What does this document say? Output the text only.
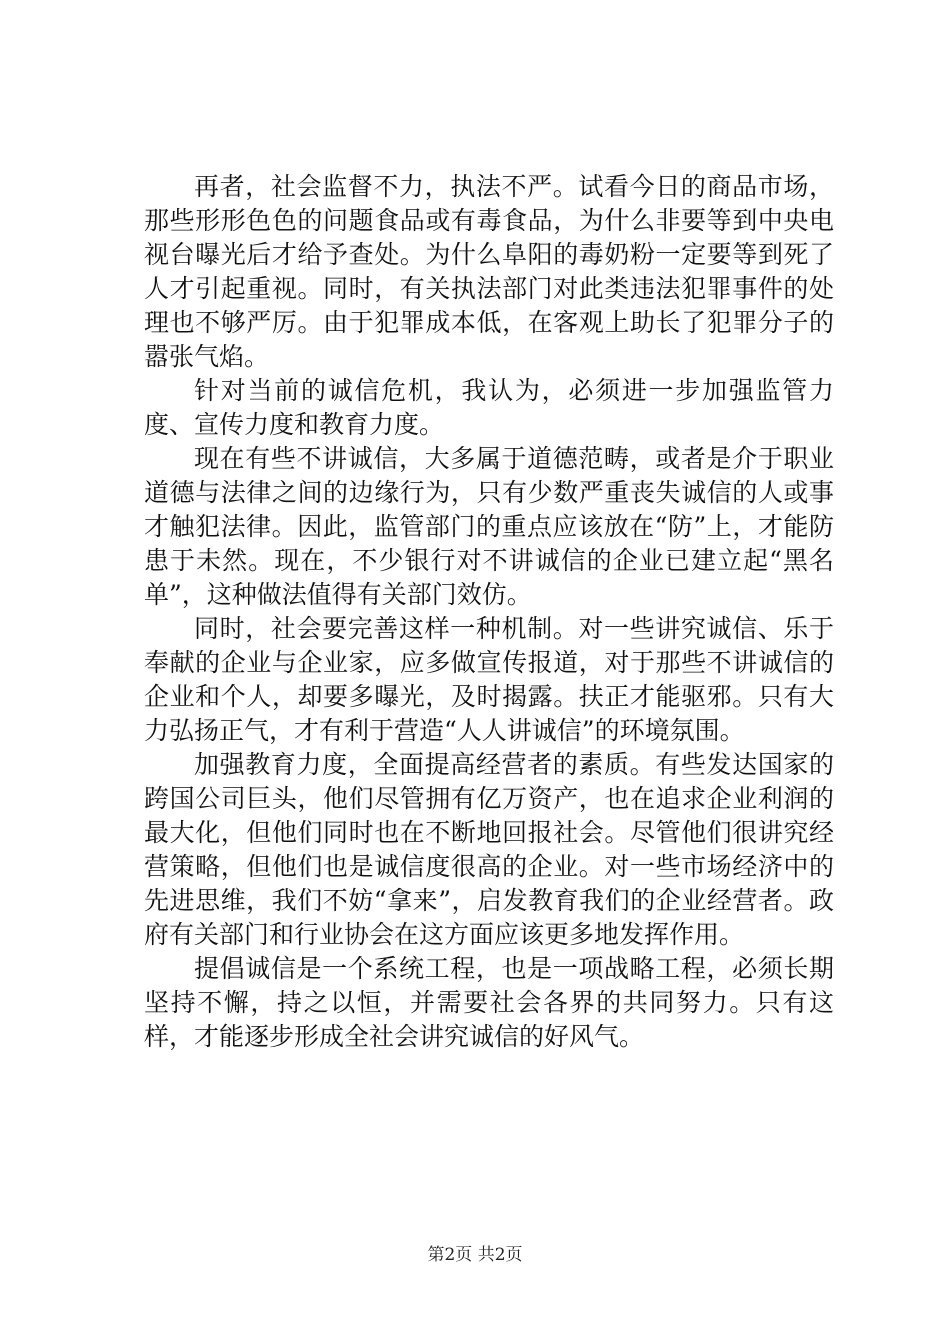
再者，社会监督不力，执法不严。试看今日的商品市场，那些形形色色的问题食品或有毒食品，为什么非要等到中央电视台曝光后才给予查处。为什么阜阳的毒奶粉一定要等到死了人才引起重视。同时，有关执法部门对此类违法犯罪事件的处理也不够严厉。由于犯罪成本低，在客观上助长了犯罪分子的嚣张气焰。

针对当前的诚信危机，我认为，必须进一步加强监管力度、宣传力度和教育力度。

现在有些不讲诚信，大多属于道德范畴，或者是介于职业道德与法律之间的边缘行为，只有少数严重丧失诚信的人或事才触犯法律。因此，监管部门的重点应该放在“防”上，才能防患于未然。现在，不少银行对不讲诚信的企业已建立起“黑名单”，这种做法值得有关部门效仿。

同时，社会要完善这样一种机制。对一些讲究诚信、乐于奉献的企业与企业家，应多做宣传报道，对于那些不讲诚信的企业和个人，却要多曝光，及时揭露。扶正才能驱邪。只有大力弘扬正气，才有利于营造“人人讲诚信”的环境氛围。

加强教育力度，全面提高经营者的素质。有些发达国家的跨国公司巨头，他们尽管拥有亿万资产，也在追求企业利润的最大化，但他们同时也在不断地回报社会。尽管他们很讲究经营策略，但他们也是诚信度很高的企业。对一些市场经济中的先进思维，我们不妨“拿来”，启发教育我们的企业经营者。政府有关部门和行业协会在这方面应该更多地发挥作用。

提倡诚信是一个系统工程，也是一项战略工程，必须长期坚持不懈，持之以恒，并需要社会各界的共同努力。只有这样，才能逐步形成全社会讲究诚信的好风气。

第2页 共2页
